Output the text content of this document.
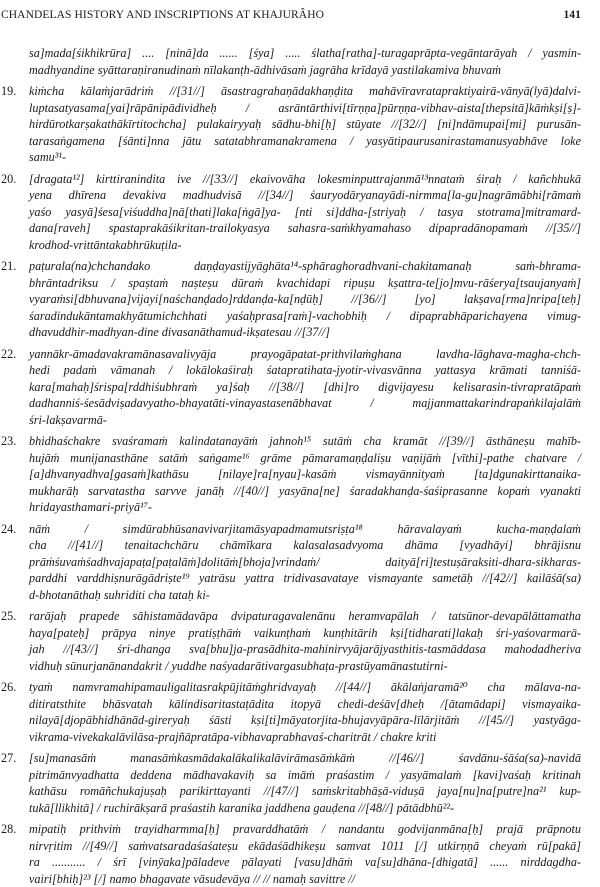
CHANDELAS HISTORY AND INSCRIPTIONS AT KHAJURÂHO	141
sa]mada[śikhikrūra] .... [ninā]da ...... [śya] ..... ślatha[ratha]-turagaprāpta-vegāntarāyah / yasmin-
madhyandine syāttaraṇiranudinaṁ nīlakanṭh-ādhivāsaṁ jagrāha krīdayā yastilakamiva bhuvaṁ
19.	kiṁcha kālaṁjarādriṁ //[31//] āsastragrahaṇādakhaṇḍita mahāvīravratapraktiyairā-vānyā(lyā)dalvi-
luptasatyasama[yai]rāpānipādividheḥ / asrāntārthivi[tīrṇṇa]pūrṇṇa-vibhav-aista[thepsitā]kāṁkṣi[ṣ]-
hirdūrotkarṣakathākīrtitochcha] pulakairyyaḥ sādhu-bhi[ḥ] stūyate //[32//] [ni]ndāmupai[mi] purusān-
tarasaṅgamena [śānti]nna jātu satatabhramanakramena / yasyātipaurusanirastamanusyabhāve loke
samu³¹-
20.	[dragata¹²] kirttiranindita ive //[33//] ekaivovāha lokesminputtrajanmā¹³nnataṁ śiraḥ / kañchhukā
yena dhīrena devakiva madhudvisā //[34//] śauryodāryanayādi-nirmma[la-gu]nagrāmābhi[rāmaṁ
yaśo yasyā]śesa[viśuddha]nā[thati]laka[ṅgā]ya- [nti si]ddha-[striyaḥ / tasya stotrama]mitramard-
dana[raveh] spastaprakāśikritan-trailokyasya sahasra-saṁkhyamahaso dipapradānopamaṁ //[35//]
krodhod-vrittāntakabhrūkuṭila-
21.	paṭurala(na)chchandako daṇḍayastijyāghāta¹⁴-sphāraghoradhvani-chakitamanaḥ saṁ-bhrama-
bhrāntadriksu / spaṣtaṁ naṣteṣu dūraṁ kvachidapi ripuṣu kṣattra-te[jo]mvu-rāśerya[tsaujanyaṁ]
vyaraṁsi[dbhuvana]vijayi[naśchanḍado]rddanḍa-ka[nḍūḥ] //[36//] [yo] lakṣava[rma]nripa[teḥ]
śaradindukāntamakhyātumichchhati yaśaḥprasa[raṁ]-vachobhiḥ / dipaprabhāparichayena vimug-
dhavuddhir-madhyan-dine divasanāthamud-ikṣatesau //[37//]
22.	yannākr-āmadavakramānasavalivyāja prayogāpatat-prithvilaṁghana lavdha-lāghava-magha-chch-
hedi padaṁ vāmanah / lokālokaśiraḥ śatapratihata-jyotir-vivasvānna yattasya krāmati tanniśā-
kara[mahaḥ]śrispa[rddhiśubhraṁ ya]śaḥ //[38//] [dhi]ro digvijayesu kelisarasin-tivrapratāpaṁ
dadhanniś-śesādviṣadavyatho-bhayatāti-vinayastasenābhavat / majjanmattakarindrapaṅkilajalāṁ
śri-lakṣavarmā-
23.	bhidhaśchakre svaśramaṁ kalindatanayāṁ jahnoh¹⁵ sutāṁ cha kramāt //[39//] āsthāneṣu mahīb-
hujāṁ munijanasthāne satāṁ saṅgame¹⁶ grāme pāmaramaṇḍaliṣu vaṇijāṁ [vīthi]-pathe chatvare /
[a]dhvanyadhva[gasaṁ]kathāsu [nilaye]ra[nyau]-kasāṁ vismayānnityaṁ [ta]dgunakirttanaika-
mukharāḥ sarvatastha sarvve janāḥ //[40//] yasyāna[ne] śaradakhanḍa-śaśiprasanne kopaṁ vyanakti
hridayasthamari-priyā¹⁷-
24.	nāṁ / simdūrabhūsanavivarjitamāsyapadmamutsriṣṭa¹⁸ hāravalayaṁ kucha-maṇḍalaṁ
cha //[41//] tenaitachchāru chāmīkara kalasalasadvyoma dhāma [vyadhāyi] bhrājisnu
prāṁśuvaṁśadhvajapaṭa[paṭalāṁ]dolitāṁ[bhoja]vrindaṁ/ daityā[ri]testuṣāraksiti-dhara-sikharas-
parddhi varddhiṣnurāgādriṣte¹⁹ yatrāsu yattra tridivasavataye vismayante sametāḥ //[42//] kailāśā(sa)
d-bhotanāthaḥ suhriditi cha tataḥ ki-
25.	rarājaḥ prapede sāhistamādavāpa dvipaturagavalenānu heramvapālah / tatsūnor-devapālāttamatha
haya[pateḥ] prāpya ninye pratiṣṭhāṁ vaikunṭhaṁ kunṭhitārih kṣi[tidharati]lakaḥ śri-yaśovarmarā-
jah //[43//] śri-dhanga sva[bhu]ja-prasādhita-mahinirvyājarājyasthitis-tasmāddasa mahodadheriva
vidhuḥ sūnurjanānandakrit / yuddhe naśyadarātivargasubhaṭa-prastūyamānastutirni-
26.	tyaṁ namvramahipamauligalitasrakpūjitāṁghridvayaḥ //[44//] ākālaṅjaramā²⁰ cha mālava-na-
ditiratsthite bhāsvatah kālindisaritastaṭādita itopyā chedi-deśāv[dheḥ /[ātamādapi] vismayaika-
nilayā[djopābhidhānād-gireryaḥ śāsti kṣi[ti]māyatorjita-bhujavyāpāra-līlārjitāṁ //[45//] yastyāga-
vikrama-vivekakalāvilāsa-prajñāpratāpa-vibhavaprabhavaś-charitrāt / chakre kriti
27.	[su]manasāṁ manasāṁkasmādakalākalikalāvirāmasāṁkāṁ //[46//] śavdānu-śāśa(sa)-navidā
pitrimānvyadhatta deddena mādhavakaviḥ sa imāṁ praśastim / yasyāmalaṁ [kavi]vaśaḥ kritinah
kathāsu romāñchukajuṣaḥ parikirttayanti //[47//] saṁskritabhāṣā-viduṣā jaya[nu]na[putre]na²¹ kup-
tukā[llikhitā] / ruchirākṣarā praśastih karanika jaddhena gauḍena //[48//] pātādbhū²²-
28.	mipatiḥ prithviṁ trayidharmma[ḥ] pravarddhatāṁ / nandantu godvijanmāna[ḥ] prajā prāpnotu
nirvṛitim //[49//] saṁvatsaradaśaśateṣu ekādaśādhikeṣu samvat 1011 [/] utkirṇṇā cheyaṁ rū[pakā]
ra ........... / śrī [vinȳaka]pāladeve pālayati [vasu]dhāṁ va[su]dhāna-[dhigatā] ...... nirddagdha-
vairi[bhiḥ]²³ [/] namo bhagavate vāsudevāya // // namaḥ savittre //
